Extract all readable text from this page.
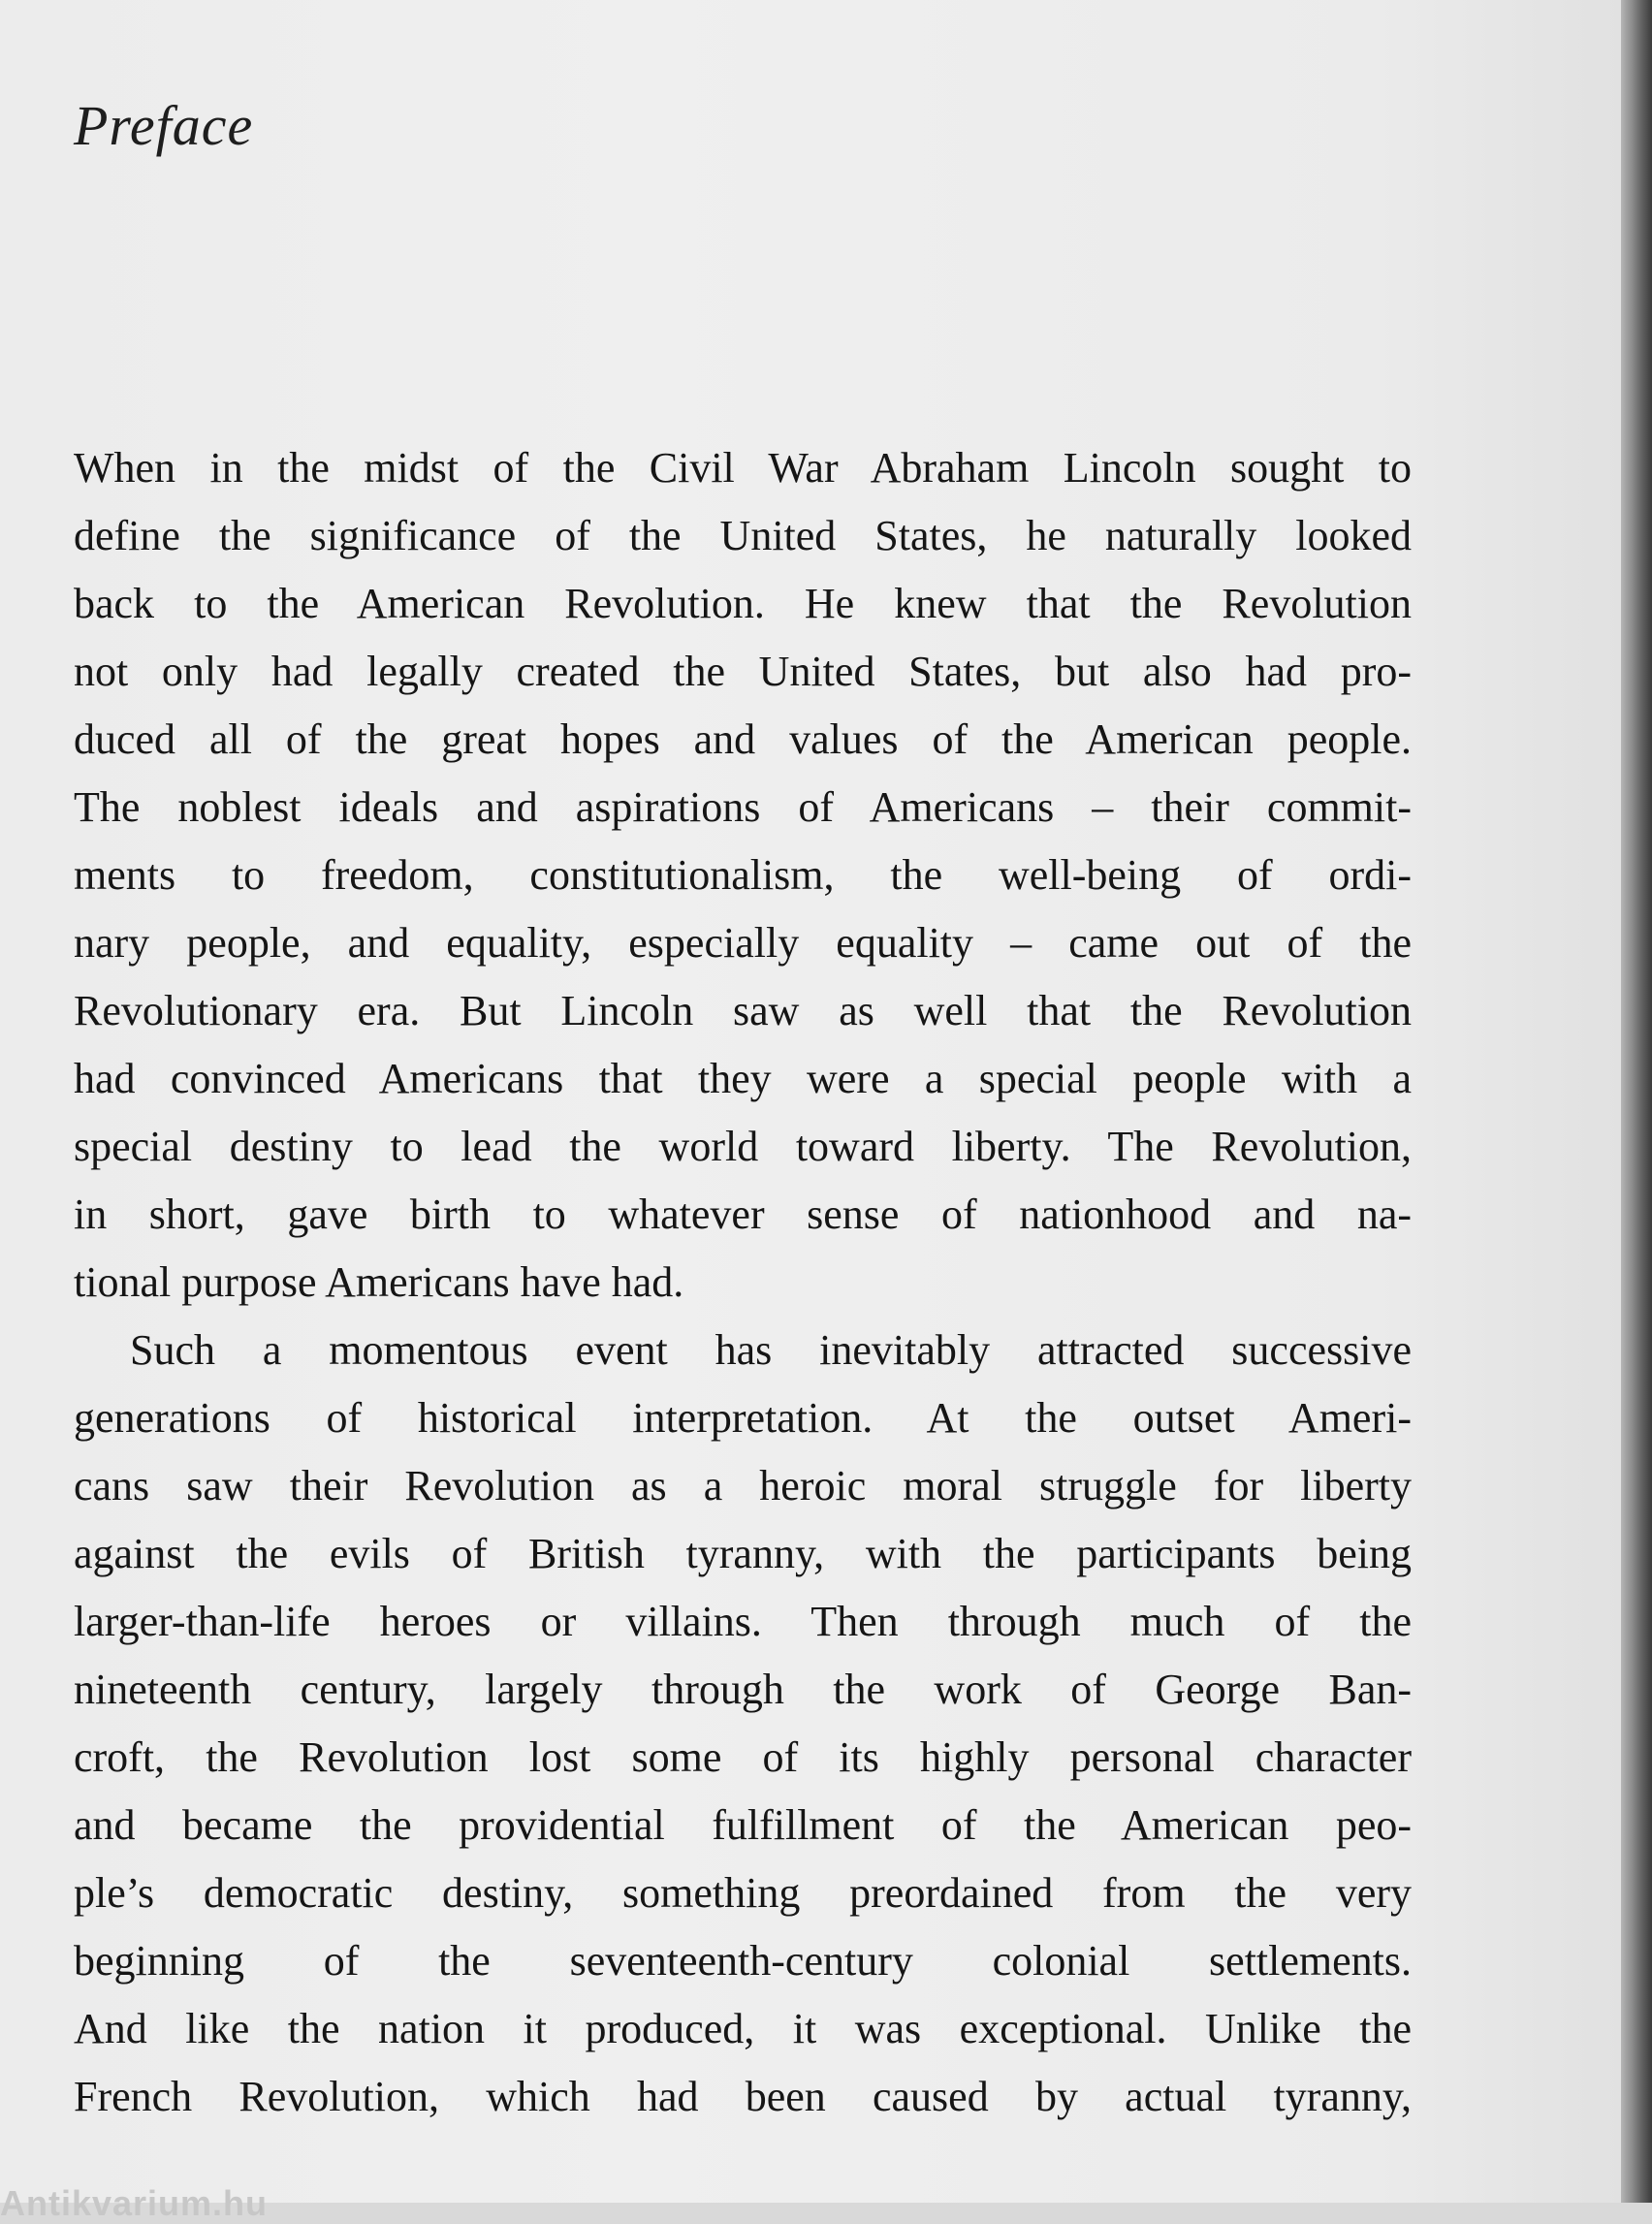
Preface
When in the midst of the Civil War Abraham Lincoln sought to
define the significance of the United States, he naturally looked
back to the American Revolution. He knew that the Revolution
not only had legally created the United States, but also had pro-
duced all of the great hopes and values of the American people.
The noblest ideals and aspirations of Americans – their commit-
ments to freedom, constitutionalism, the well-being of ordi-
nary people, and equality, especially equality – came out of the
Revolutionary era. But Lincoln saw as well that the Revolution
had convinced Americans that they were a special people with a
special destiny to lead the world toward liberty. The Revolution,
in short, gave birth to whatever sense of nationhood and na-
tional purpose Americans have had.
Such a momentous event has inevitably attracted successive
generations of historical interpretation. At the outset Ameri-
cans saw their Revolution as a heroic moral struggle for liberty
against the evils of British tyranny, with the participants being
larger-than-life heroes or villains. Then through much of the
nineteenth century, largely through the work of George Ban-
croft, the Revolution lost some of its highly personal character
and became the providential fulfillment of the American peo-
ple’s democratic destiny, something preordained from the very
beginning of the seventeenth-century colonial settlements.
And like the nation it produced, it was exceptional. Unlike the
French Revolution, which had been caused by actual tyranny,
Antikvarium.hu
